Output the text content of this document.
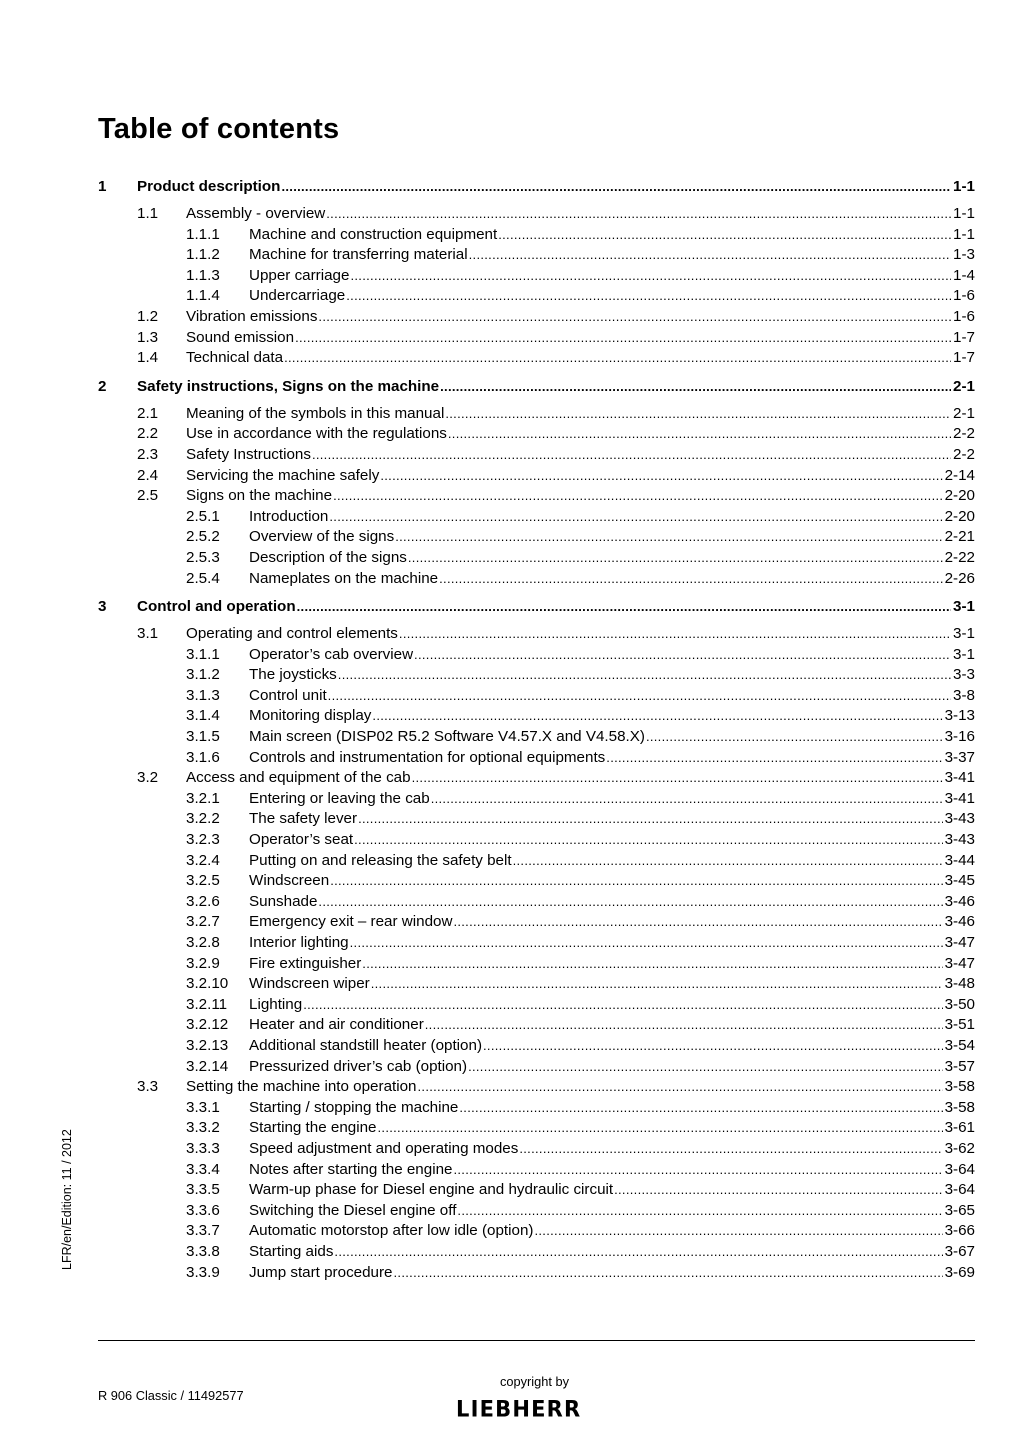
Table of contents
1 Product description .....	1-1
1.1 Assembly - overview .....	1-1
1.1.1 Machine and construction equipment .....	1-1
1.1.2 Machine for transferring material .....	1-3
1.1.3 Upper carriage .....	1-4
1.1.4 Undercarriage .....	1-6
1.2 Vibration emissions .....	1-6
1.3 Sound emission .....	1-7
1.4 Technical data .....	1-7
2 Safety instructions, Signs on the machine .....	2-1
2.1 Meaning of the symbols in this manual .....	2-1
2.2 Use in accordance with the regulations .....	2-2
2.3 Safety Instructions .....	2-2
2.4 Servicing the machine safely .....	2-14
2.5 Signs on the machine .....	2-20
2.5.1 Introduction .....	2-20
2.5.2 Overview of the signs .....	2-21
2.5.3 Description of the signs .....	2-22
2.5.4 Nameplates on the machine .....	2-26
3 Control and operation .....	3-1
3.1 Operating and control elements .....	3-1
3.1.1 Operator’s cab overview .....	3-1
3.1.2 The joysticks .....	3-3
3.1.3 Control unit .....	3-8
3.1.4 Monitoring display .....	3-13
3.1.5 Main screen (DISP02 R5.2 Software V4.57.X and V4.58.X) .....	3-16
3.1.6 Controls and instrumentation for optional equipments .....	3-37
3.2 Access and equipment of the cab .....	3-41
3.2.1 Entering or leaving the cab .....	3-41
3.2.2 The safety lever .....	3-43
3.2.3 Operator’s seat .....	3-43
3.2.4 Putting on and releasing the safety belt .....	3-44
3.2.5 Windscreen .....	3-45
3.2.6 Sunshade .....	3-46
3.2.7 Emergency exit – rear window .....	3-46
3.2.8 Interior lighting .....	3-47
3.2.9 Fire extinguisher .....	3-47
3.2.10 Windscreen wiper .....	3-48
3.2.11 Lighting .....	3-50
3.2.12 Heater and air conditioner .....	3-51
3.2.13 Additional standstill heater (option) .....	3-54
3.2.14 Pressurized driver’s cab (option) .....	3-57
3.3 Setting the machine into operation .....	3-58
3.3.1 Starting / stopping the machine .....	3-58
3.3.2 Starting the engine .....	3-61
3.3.3 Speed adjustment and operating modes .....	3-62
3.3.4 Notes after starting the engine .....	3-64
3.3.5 Warm-up phase for Diesel engine and hydraulic circuit .....	3-64
3.3.6 Switching the Diesel engine off .....	3-65
3.3.7 Automatic motorstop after low idle (option) .....	3-66
3.3.8 Starting aids .....	3-67
3.3.9 Jump start procedure .....	3-69
LFR/en/Edition: 11 / 2012
R 906 Classic / 11492577
copyright by
LIEBHERR
